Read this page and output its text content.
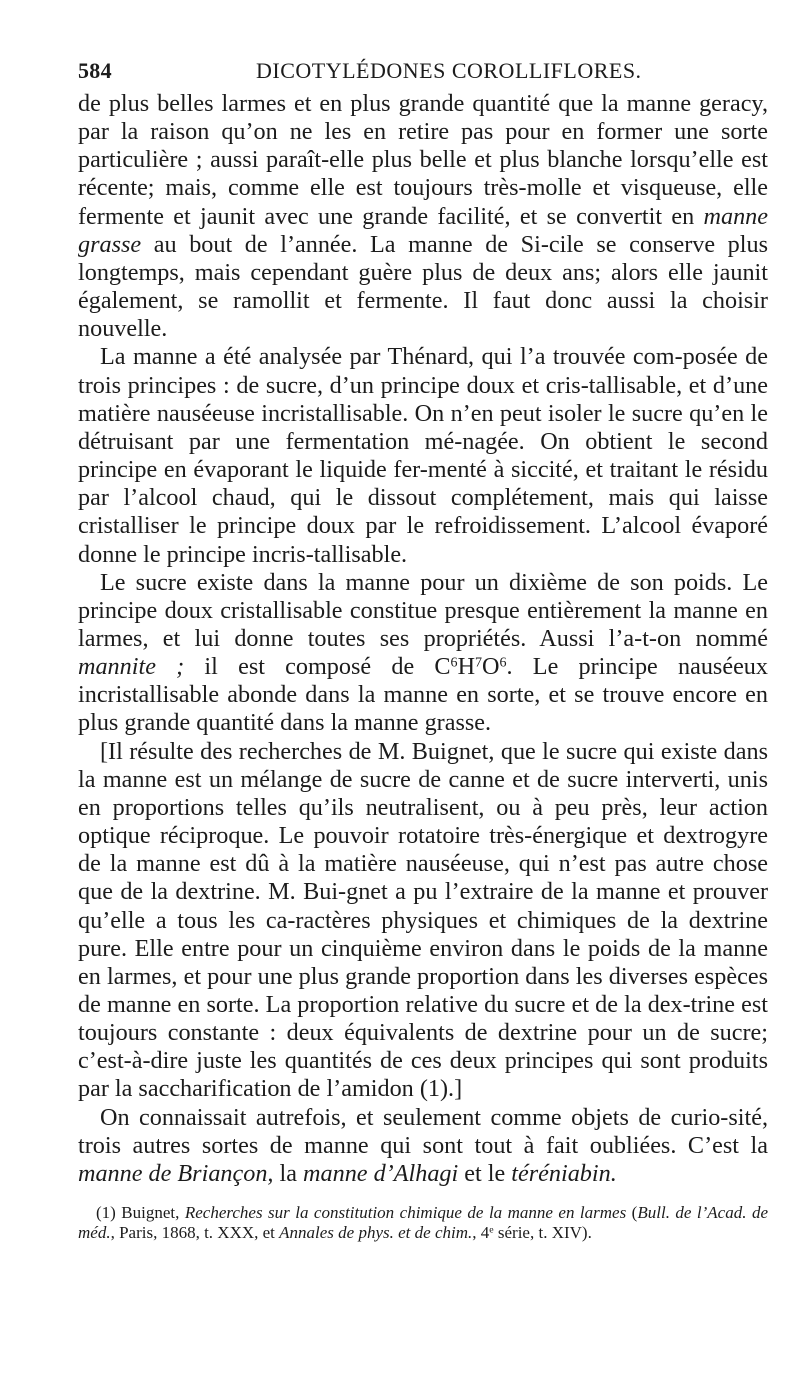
584	DICOTYLÉDONES COROLLIFLORES.

de plus belles larmes et en plus grande quantité que la manne geracy, par la raison qu’on ne les en retire pas pour en former une sorte particulière ; aussi paraît-elle plus belle et plus blanche lorsqu’elle est récente; mais, comme elle est toujours très-molle et visqueuse, elle fermente et jaunit avec une grande facilité, et se convertit en manne grasse au bout de l’année. La manne de Si-cile se conserve plus longtemps, mais cependant guère plus de deux ans; alors elle jaunit également, se ramollit et fermente. Il faut donc aussi la choisir nouvelle.

La manne a été analysée par Thénard, qui l’a trouvée com-posée de trois principes : de sucre, d’un principe doux et cris-tallisable, et d’une matière nauséeuse incristallisable. On n’en peut isoler le sucre qu’en le détruisant par une fermentation mé-nagée. On obtient le second principe en évaporant le liquide fer-menté à siccité, et traitant le résidu par l’alcool chaud, qui le dissout complétement, mais qui laisse cristalliser le principe doux par le refroidissement. L’alcool évaporé donne le principe incris-tallisable.

Le sucre existe dans la manne pour un dixième de son poids. Le principe doux cristallisable constitue presque entièrement la manne en larmes, et lui donne toutes ses propriétés. Aussi l’a-t-on nommé mannite ; il est composé de $C^6H^7O^6$. Le principe nauséeux incristallisable abonde dans la manne en sorte, et se trouve encore en plus grande quantité dans la manne grasse.

[Il résulte des recherches de M. Buignet, que le sucre qui existe dans la manne est un mélange de sucre de canne et de sucre interverti, unis en proportions telles qu’ils neutralisent, ou à peu près, leur action optique réciproque. Le pouvoir rotatoire très-énergique et dextrogyre de la manne est dû à la matière nauséeuse, qui n’est pas autre chose que de la dextrine. M. Bui-gnet a pu l’extraire de la manne et prouver qu’elle a tous les ca-ractères physiques et chimiques de la dextrine pure. Elle entre pour un cinquième environ dans le poids de la manne en larmes, et pour une plus grande proportion dans les diverses espèces de manne en sorte. La proportion relative du sucre et de la dex-trine est toujours constante : deux équivalents de dextrine pour un de sucre; c’est-à-dire juste les quantités de ces deux principes qui sont produits par la saccharification de l’amidon (1).]

On connaissait autrefois, et seulement comme objets de curio-sité, trois autres sortes de manne qui sont tout à fait oubliées. C’est la manne de Briançon, la manne d’Alhagi et le téréniabin.

(1) Buignet, Recherches sur la constitution chimique de la manne en larmes (Bull. de l’Acad. de méd., Paris, 1868, t. XXX, et Annales de phys. et de chim., 4e série, t. XIV).
